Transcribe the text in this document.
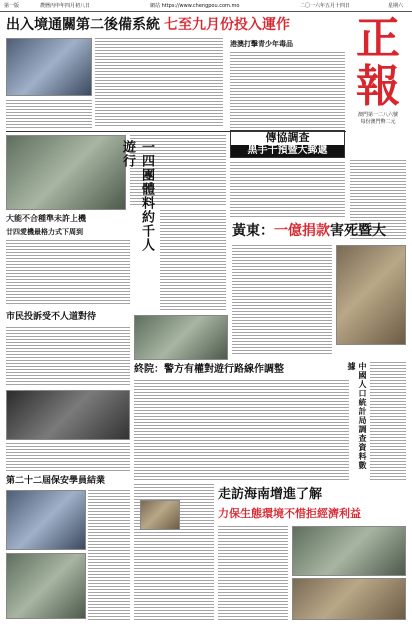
第一版	農曆丙申年四月初八日	網站 https://www.chengpou.com.mo	二〇一六年五月十四日	星期六
出入境通關第二後備系統 七至九月份投入運作	正
報
澳門第一二八六號
每份澳門幣二元
港澳打擊青少年毒品
一四團體料約千人遊行
傳協調查
黑手干預暨大郵遞
大能不合種準未許上機
廿四愛機最格力式下周到	黃東：一億捐款害死暨大
市民投訴受不人道對待
終院：警方有權對遊行路線作調整	中國人口統計局調查資料數據
第二十二屆保安學員結業
走訪海南增進了解
力保生態環境不惜拒經濟利益
